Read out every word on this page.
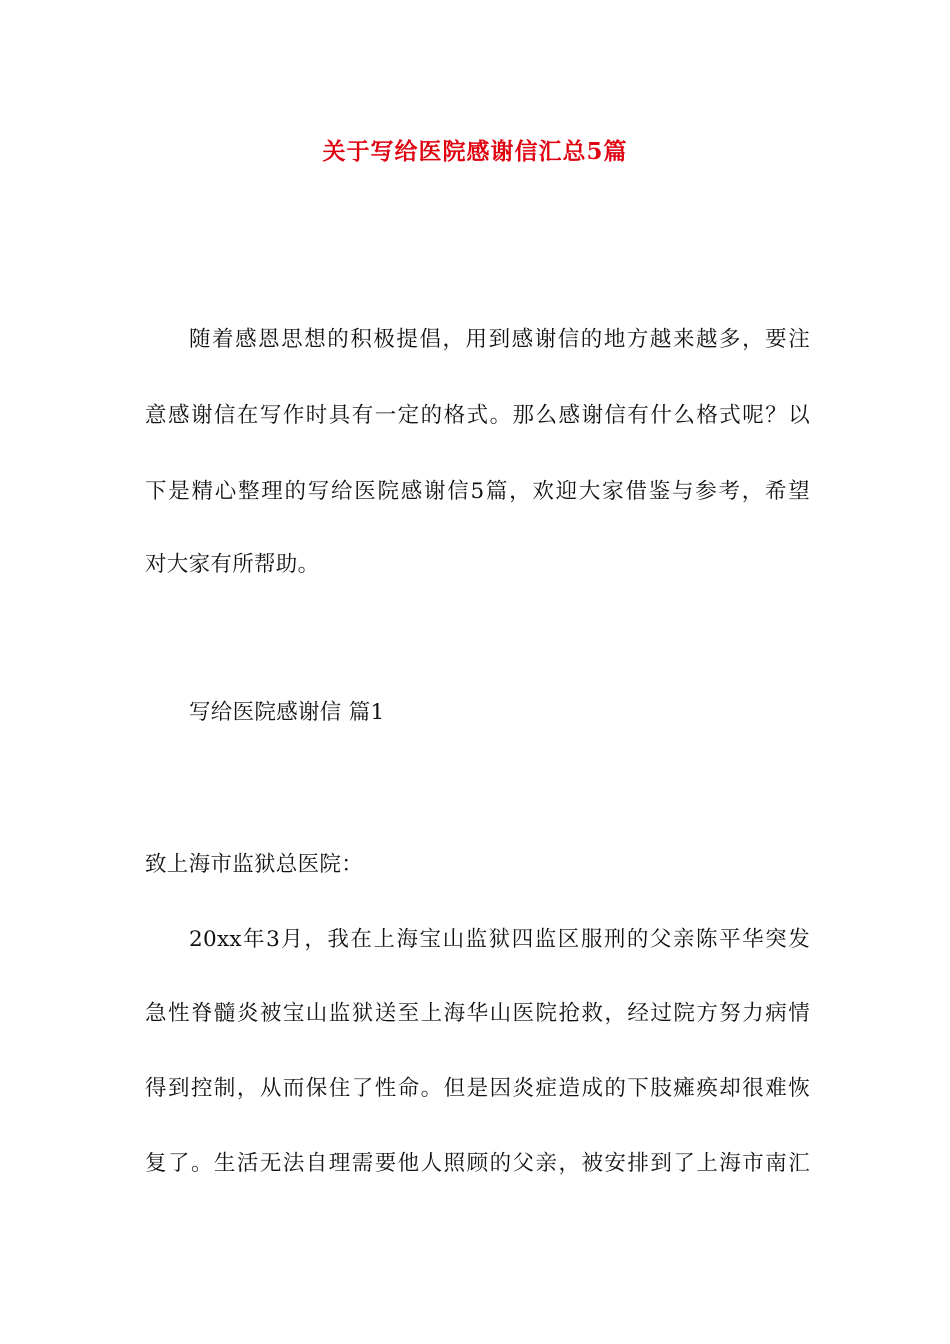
关于写给医院感谢信汇总5篇
随着感恩思想的积极提倡，用到感谢信的地方越来越多，要注
意感谢信在写作时具有一定的格式。那么感谢信有什么格式呢？以
下是精心整理的写给医院感谢信5篇，欢迎大家借鉴与参考，希望
对大家有所帮助。
写给医院感谢信 篇1
致上海市监狱总医院：
20xx年3月，我在上海宝山监狱四监区服刑的父亲陈平华突发
急性脊髓炎被宝山监狱送至上海华山医院抢救，经过院方努力病情
得到控制，从而保住了性命。但是因炎症造成的下肢瘫痪却很难恢
复了。生活无法自理需要他人照顾的父亲，被安排到了上海市南汇
